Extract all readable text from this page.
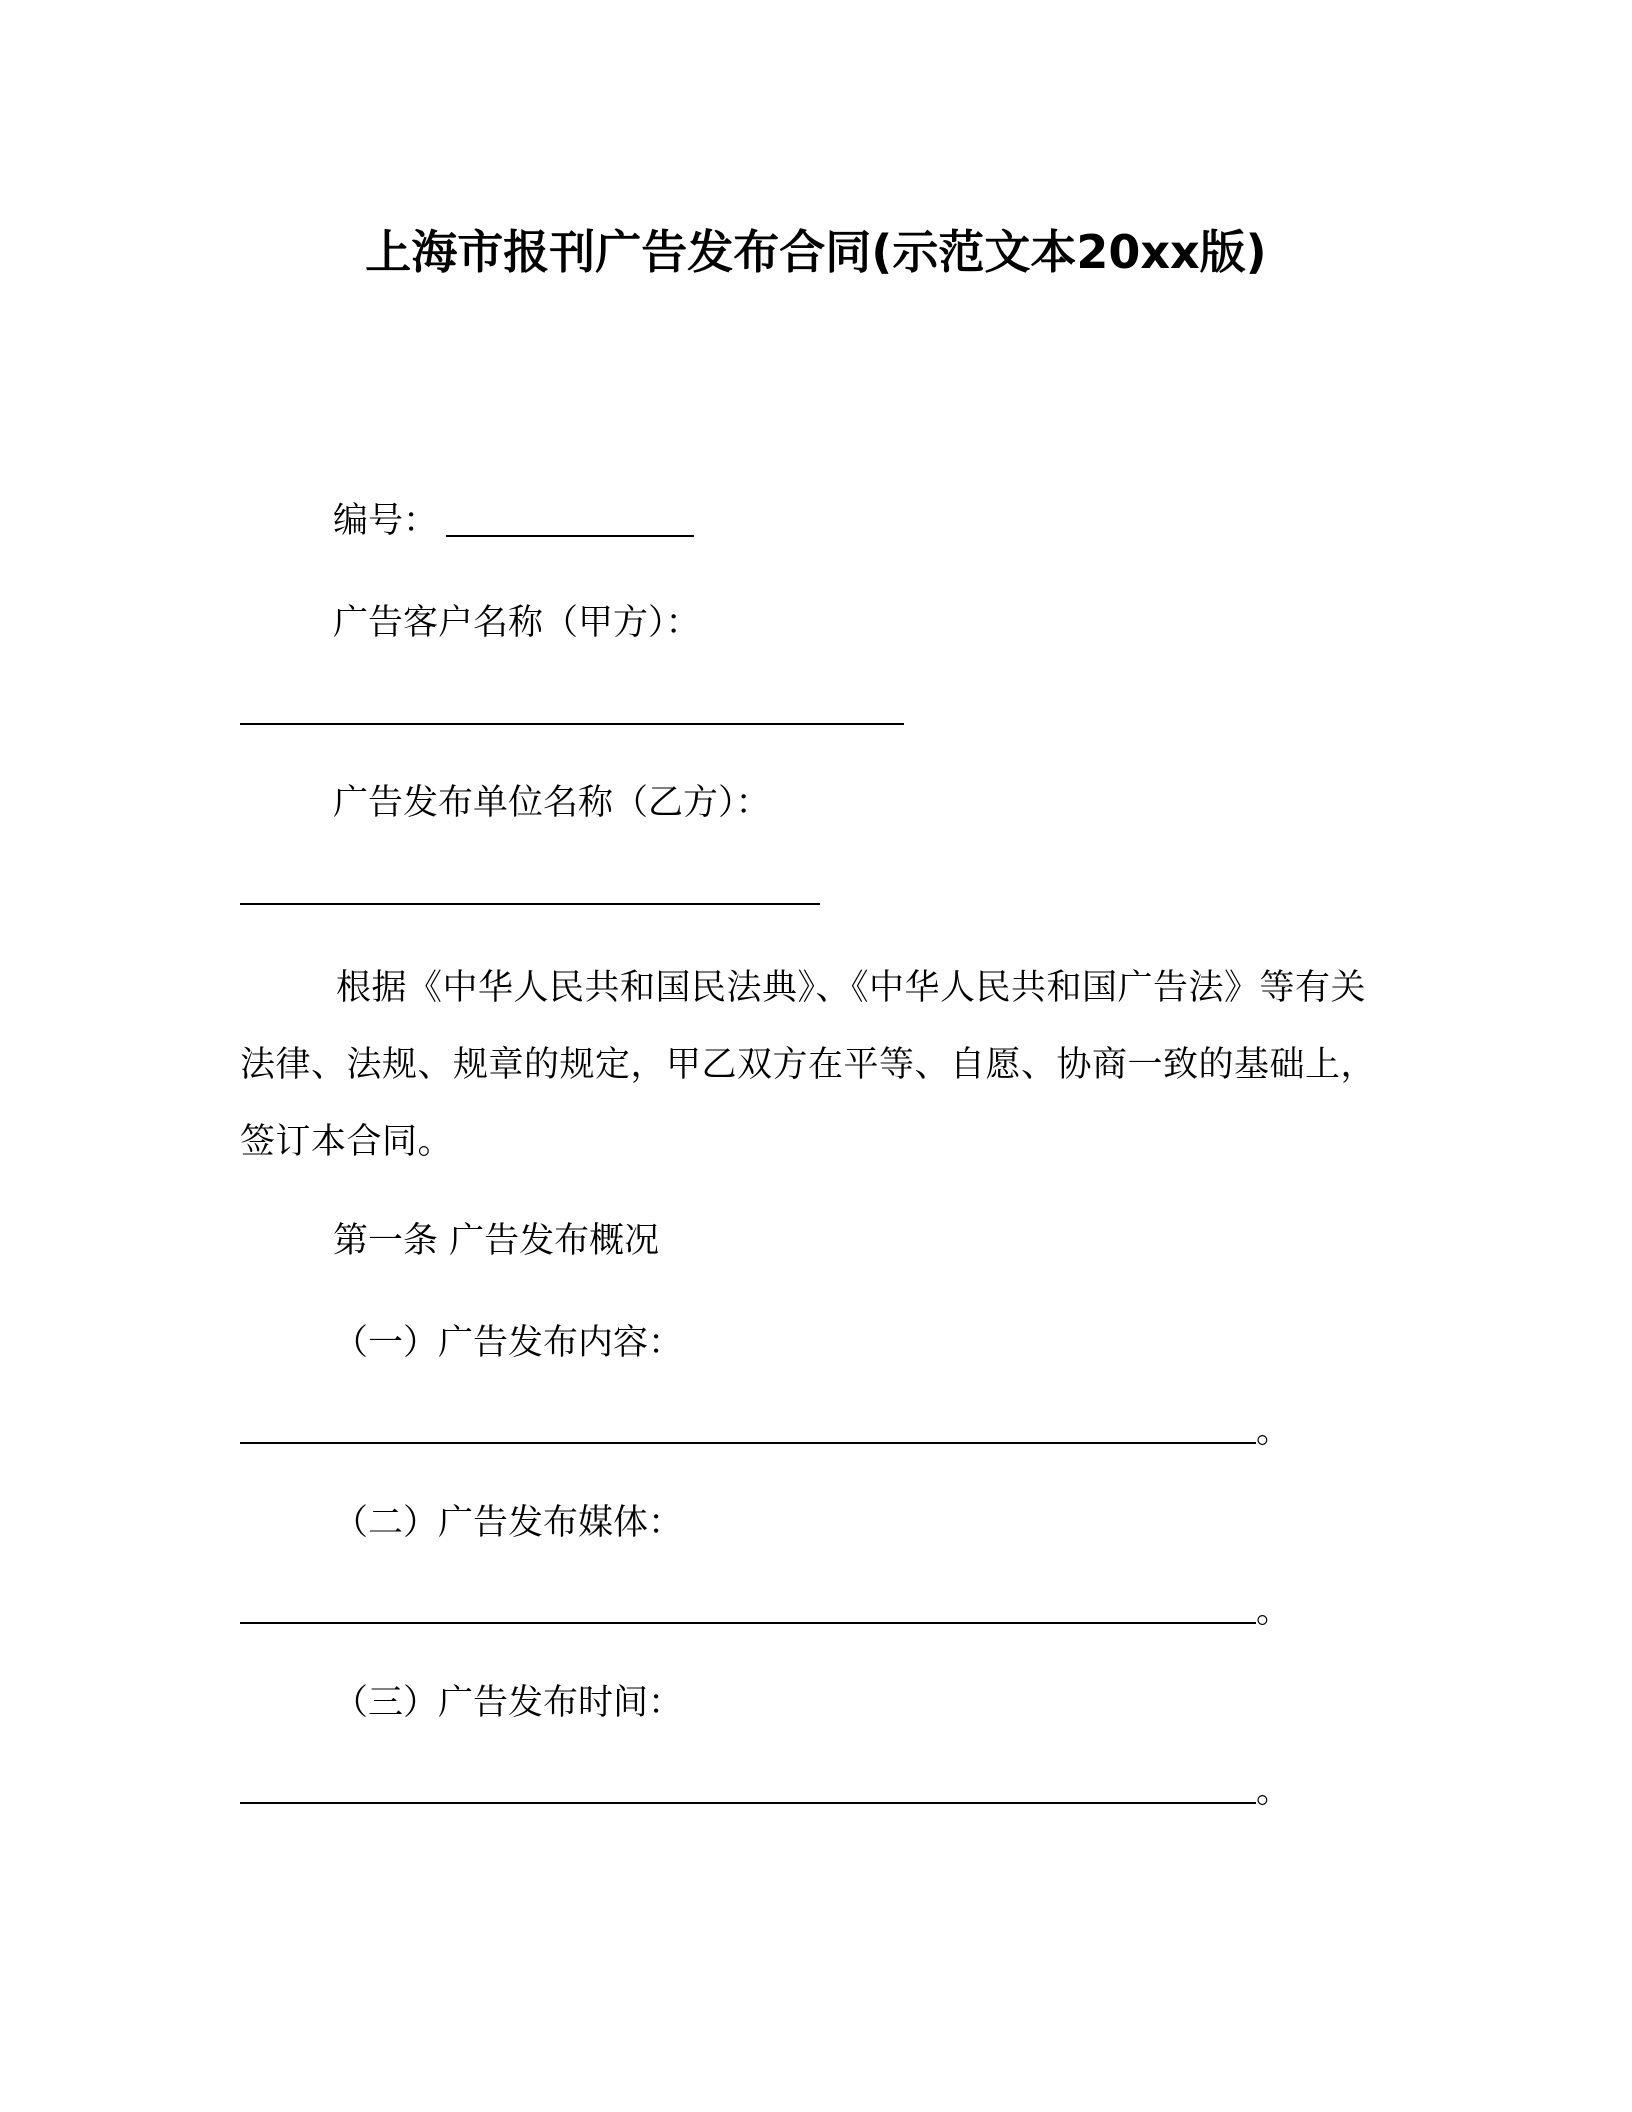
上海市报刊广告发布合同(示范文本20xx版)
编号：
广告客户名称（甲方）：
广告发布单位名称（乙方）：
根据《中华人民共和国民法典》、《中华人民共和国广告法》等有关法律、法规、规章的规定，甲乙双方在平等、自愿、协商一致的基础上，签订本合同。
第一条 广告发布概况
（一）广告发布内容：
。
（二）广告发布媒体：
。
（三）广告发布时间：
。
